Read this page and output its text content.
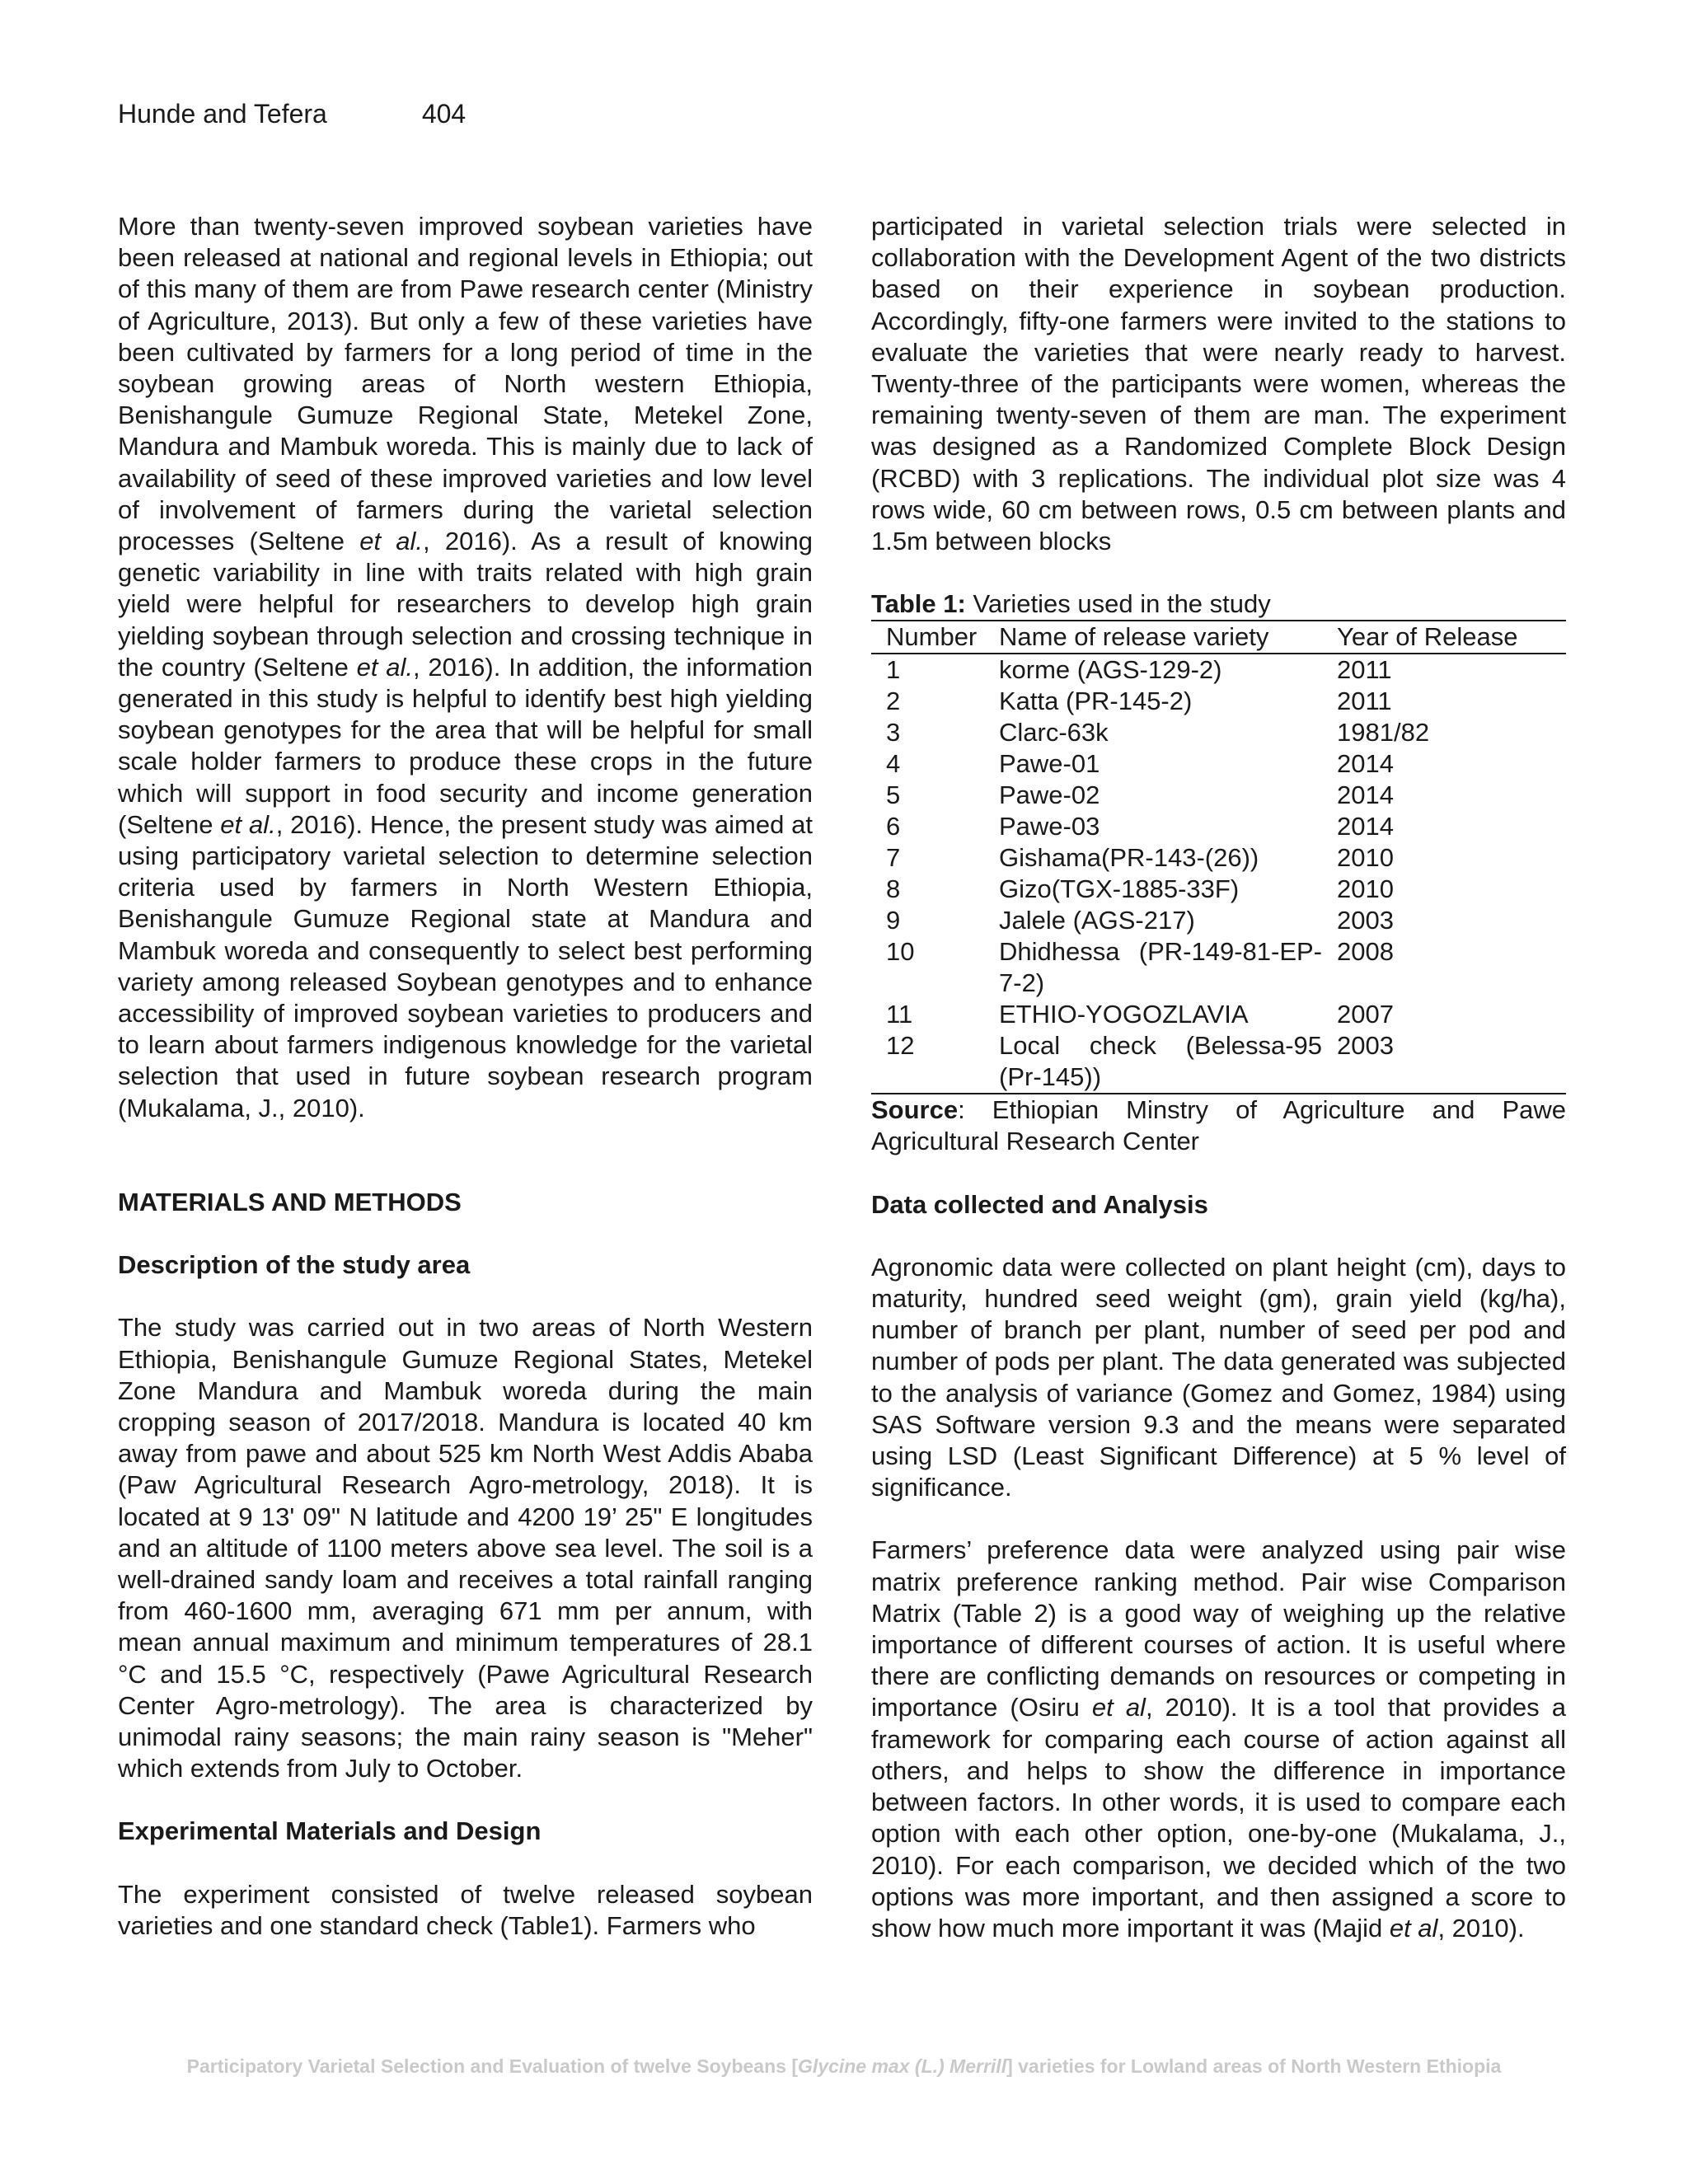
Hunde and Tefera	404

More than twenty-seven improved soybean varieties have been released at national and regional levels in Ethiopia; out of this many of them are from Pawe research center (Ministry of Agriculture, 2013). But only a few of these varieties have been cultivated by farmers for a long period of time in the soybean growing areas of North western Ethiopia, Benishangule Gumuze Regional State, Metekel Zone, Mandura and Mambuk woreda. This is mainly due to lack of availability of seed of these improved varieties and low level of involvement of farmers during the varietal selection processes (Seltene et al., 2016). As a result of knowing genetic variability in line with traits related with high grain yield were helpful for researchers to develop high grain yielding soybean through selection and crossing technique in the country (Seltene et al., 2016). In addition, the information generated in this study is helpful to identify best high yielding soybean genotypes for the area that will be helpful for small scale holder farmers to produce these crops in the future which will support in food security and income generation (Seltene et al., 2016). Hence, the present study was aimed at using participatory varietal selection to determine selection criteria used by farmers in North Western Ethiopia, Benishangule Gumuze Regional state at Mandura and Mambuk woreda and consequently to select best performing variety among released Soybean genotypes and to enhance accessibility of improved soybean varieties to producers and to learn about farmers indigenous knowledge for the varietal selection that used in future soybean research program (Mukalama, J., 2010).

MATERIALS AND METHODS
Description of the study area

The study was carried out in two areas of North Western Ethiopia, Benishangule Gumuze Regional States, Metekel Zone Mandura and Mambuk woreda during the main cropping season of 2017/2018. Mandura is located 40 km away from pawe and about 525 km North West Addis Ababa (Paw Agricultural Research Agro-metrology, 2018). It is located at 9 13' 09" N latitude and 4200 19’ 25" E longitudes and an altitude of 1100 meters above sea level. The soil is a well-drained sandy loam and receives a total rainfall ranging from 460-1600 mm, averaging 671 mm per annum, with mean annual maximum and minimum temperatures of 28.1 °C and 15.5 °C, respectively (Pawe Agricultural Research Center Agro-metrology). The area is characterized by unimodal rainy seasons; the main rainy season is "Meher" which extends from July to October.

Experimental Materials and Design

The experiment consisted of twelve released soybean varieties and one standard check (Table1). Farmers who

participated in varietal selection trials were selected in collaboration with the Development Agent of the two districts based on their experience in soybean production. Accordingly, fifty-one farmers were invited to the stations to evaluate the varieties that were nearly ready to harvest. Twenty-three of the participants were women, whereas the remaining twenty-seven of them are man. The experiment was designed as a Randomized Complete Block Design (RCBD) with 3 replications. The individual plot size was 4 rows wide, 60 cm between rows, 0.5 cm between plants and 1.5m between blocks

Table 1: Varieties used in the study
Number	Name of release variety	Year of Release
1	korme (AGS-129-2)	2011
2	Katta (PR-145-2)	2011
3	Clarc-63k	1981/82
4	Pawe-01	2014
5	Pawe-02	2014
6	Pawe-03	2014
7	Gishama(PR-143-(26))	2010
8	Gizo(TGX-1885-33F)	2010
9	Jalele (AGS-217)	2003
10	Dhidhessa (PR-149-81-EP-7-2)	2008
11	ETHIO-YOGOZLAVIA	2007
12	Local check (Belessa-95 (Pr-145))	2003

Source: Ethiopian Minstry of Agriculture and Pawe Agricultural Research Center

Data collected and Analysis

Agronomic data were collected on plant height (cm), days to maturity, hundred seed weight (gm), grain yield (kg/ha), number of branch per plant, number of seed per pod and number of pods per plant. The data generated was subjected to the analysis of variance (Gomez and Gomez, 1984) using SAS Software version 9.3 and the means were separated using LSD (Least Significant Difference) at 5 % level of significance.

Farmers’ preference data were analyzed using pair wise matrix preference ranking method. Pair wise Comparison Matrix (Table 2) is a good way of weighing up the relative importance of different courses of action. It is useful where there are conflicting demands on resources or competing in importance (Osiru et al, 2010). It is a tool that provides a framework for comparing each course of action against all others, and helps to show the difference in importance between factors. In other words, it is used to compare each option with each other option, one-by-one (Mukalama, J., 2010). For each comparison, we decided which of the two options was more important, and then assigned a score to show how much more important it was (Majid et al, 2010).

Participatory Varietal Selection and Evaluation of twelve Soybeans [Glycine max (L.) Merrill] varieties for Lowland areas of North Western Ethiopia
